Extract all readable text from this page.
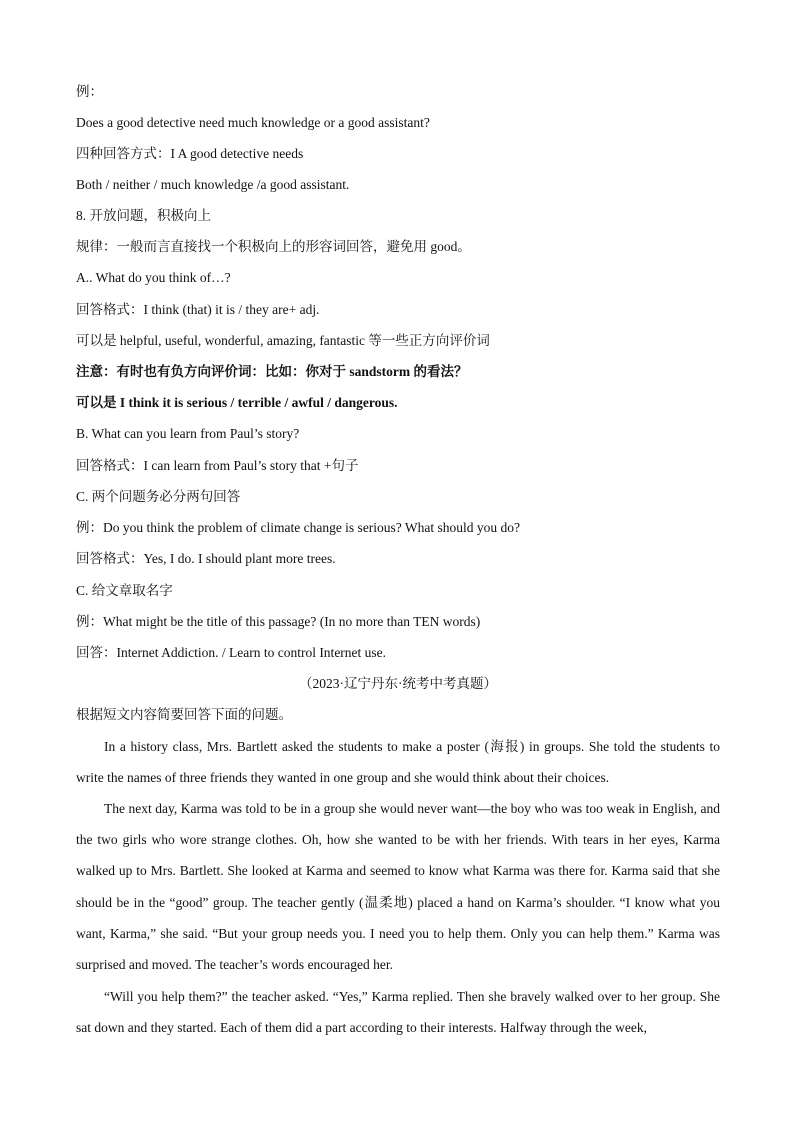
例：
Does a good detective need much knowledge or a good assistant?
四种回答方式：I A good detective needs
Both / neither / much knowledge /a good assistant.
8. 开放问题，积极向上
规律：一般而言直接找一个积极向上的形容词回答，避免用 good。
A.. What do you think of…?
回答格式：I think (that) it is / they are+ adj.
可以是 helpful, useful, wonderful, amazing, fantastic 等一些正方向评价词
注意：有时也有负方向评价词：比如：你对于 sandstorm 的看法？
可以是 I think it is serious / terrible / awful / dangerous.
B. What can you learn from Paul’s story?
回答格式：I can learn from Paul’s story that +句子
C. 两个问题务必分两句回答
例：Do you think the problem of climate change is serious? What should you do?
回答格式：Yes, I do. I should plant more trees.
C. 给文章取名字
例：What might be the title of this passage? (In no more than TEN words)
回答：Internet Addiction. / Learn to control Internet use.
（2023·辽宁丹东·统考中考真题）
根据短文内容简要回答下面的问题。
In a history class, Mrs. Bartlett asked the students to make a poster (海报) in groups. She told the students to write the names of three friends they wanted in one group and she would think about their choices.
The next day, Karma was told to be in a group she would never want—the boy who was too weak in English, and the two girls who wore strange clothes. Oh, how she wanted to be with her friends. With tears in her eyes, Karma walked up to Mrs. Bartlett. She looked at Karma and seemed to know what Karma was there for. Karma said that she should be in the “good” group. The teacher gently (温柔地) placed a hand on Karma’s shoulder. “I know what you want, Karma,” she said. “But your group needs you. I need you to help them. Only you can help them.” Karma was surprised and moved. The teacher’s words encouraged her.
“Will you help them?” the teacher asked. “Yes,” Karma replied. Then she bravely walked over to her group. She sat down and they started. Each of them did a part according to their interests. Halfway through the week,
